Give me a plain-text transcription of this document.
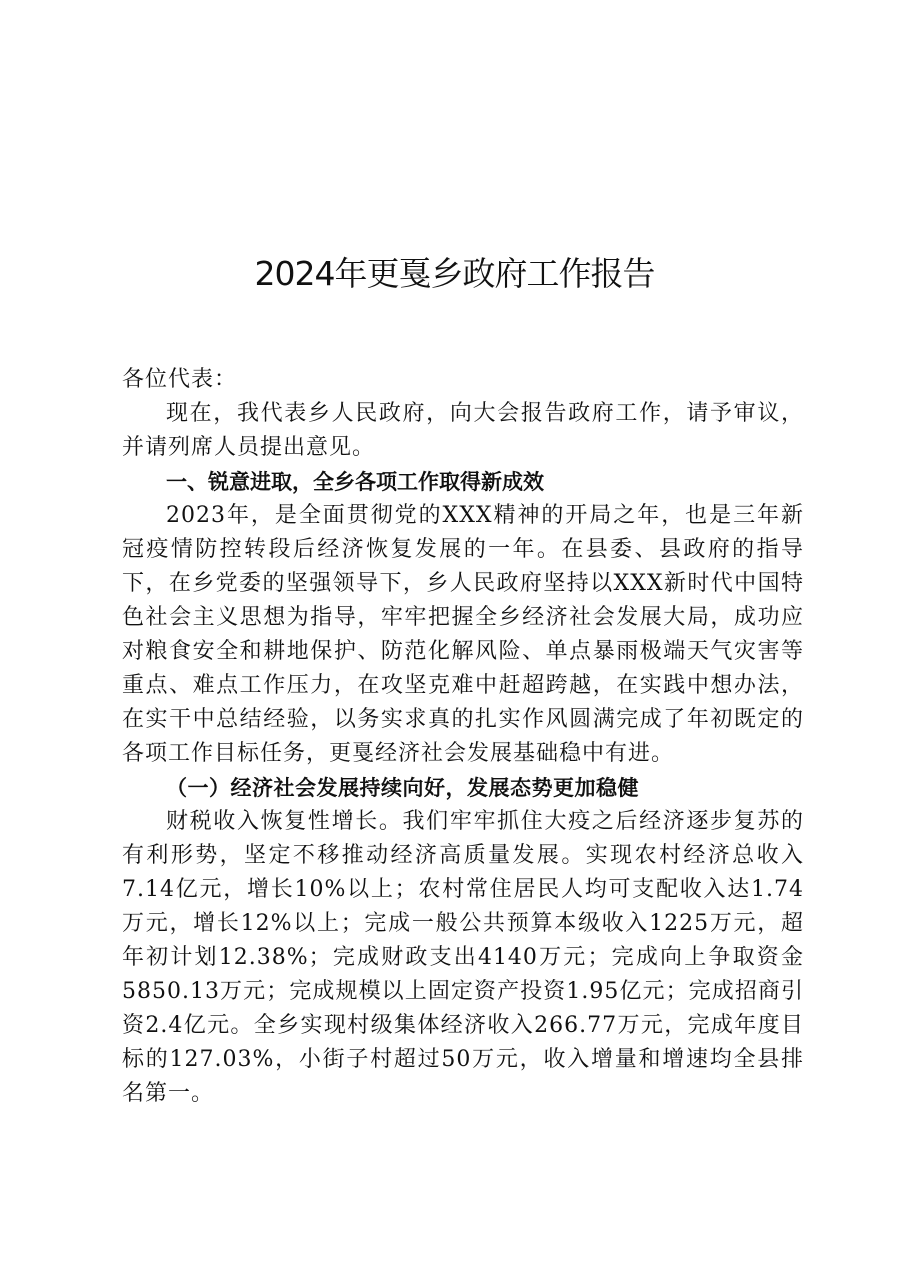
2024年更戛乡政府工作报告

各位代表：

现在，我代表乡人民政府，向大会报告政府工作，请予审议，并请列席人员提出意见。

一、锐意进取，全乡各项工作取得新成效

2023年，是全面贯彻党的XXX精神的开局之年，也是三年新冠疫情防控转段后经济恢复发展的一年。在县委、县政府的指导下，在乡党委的坚强领导下，乡人民政府坚持以XXX新时代中国特色社会主义思想为指导，牢牢把握全乡经济社会发展大局，成功应对粮食安全和耕地保护、防范化解风险、单点暴雨极端天气灾害等重点、难点工作压力，在攻坚克难中赶超跨越，在实践中想办法，在实干中总结经验，以务实求真的扎实作风圆满完成了年初既定的各项工作目标任务，更戛经济社会发展基础稳中有进。

（一）经济社会发展持续向好，发展态势更加稳健

财税收入恢复性增长。我们牢牢抓住大疫之后经济逐步复苏的有利形势，坚定不移推动经济高质量发展。实现农村经济总收入7.14亿元，增长10%以上；农村常住居民人均可支配收入达1.74万元，增长12%以上；完成一般公共预算本级收入1225万元，超年初计划12.38%；完成财政支出4140万元；完成向上争取资金5850.13万元；完成规模以上固定资产投资1.95亿元；完成招商引资2.4亿元。全乡实现村级集体经济收入266.77万元，完成年度目标的127.03%，小街子村超过50万元，收入增量和增速均全县排名第一。
